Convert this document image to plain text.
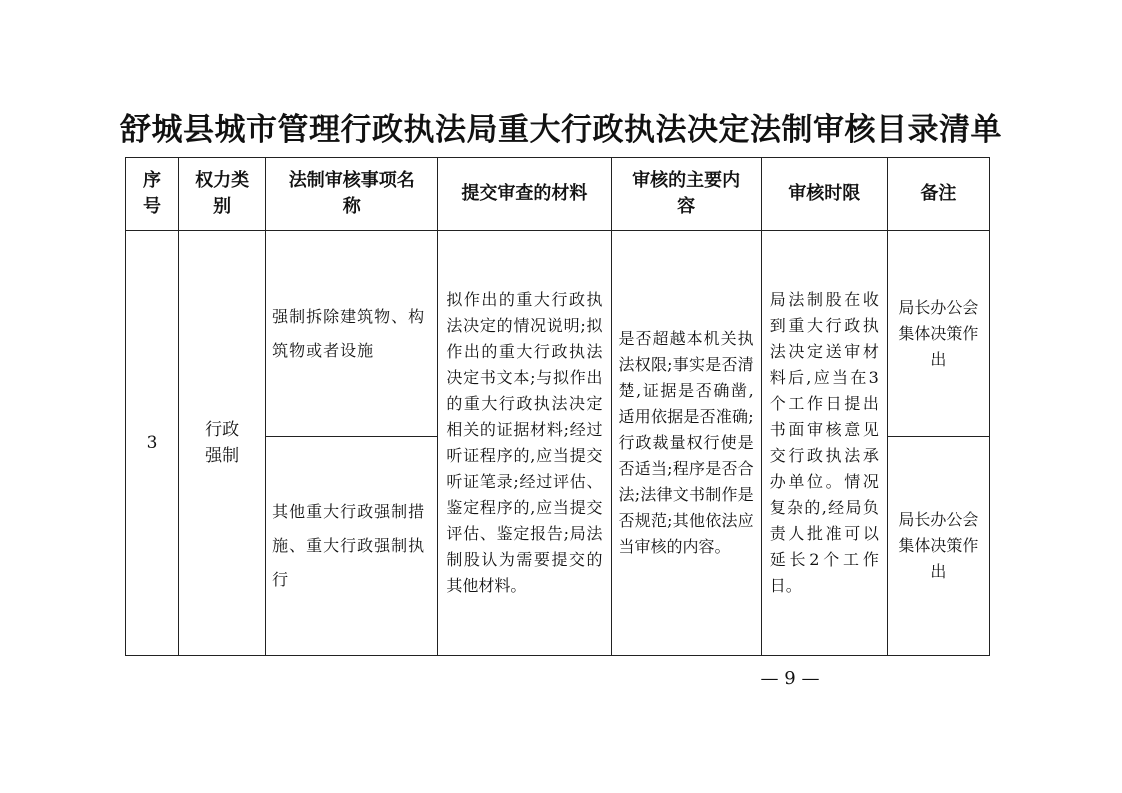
舒城县城市管理行政执法局重大行政执法决定法制审核目录清单
序号	权力类别	法制审核事项名称	提交审查的材料	审核的主要内容	审核时限	备注
3	行政强制	强制拆除建筑物、构筑物或者设施	拟作出的重大行政执法决定的情况说明;拟作出的重大行政执法决定书文本;与拟作出的重大行政执法决定相关的证据材料;经过听证程序的,应当提交听证笔录;经过评估、鉴定程序的,应当提交评估、鉴定报告;局法制股认为需要提交的其他材料。	是否超越本机关执法权限;事实是否清楚,证据是否确凿,适用依据是否准确;行政裁量权行使是否适当;程序是否合法;法律文书制作是否规范;其他依法应当审核的内容。	局法制股在收到重大行政执法决定送审材料后,应当在3个工作日提出书面审核意见交行政执法承办单位。情况复杂的,经局负责人批准可以延长2个工作日。	局长办公会集体决策作出
		其他重大行政强制措施、重大行政强制执行				局长办公会集体决策作出
— 9 —
